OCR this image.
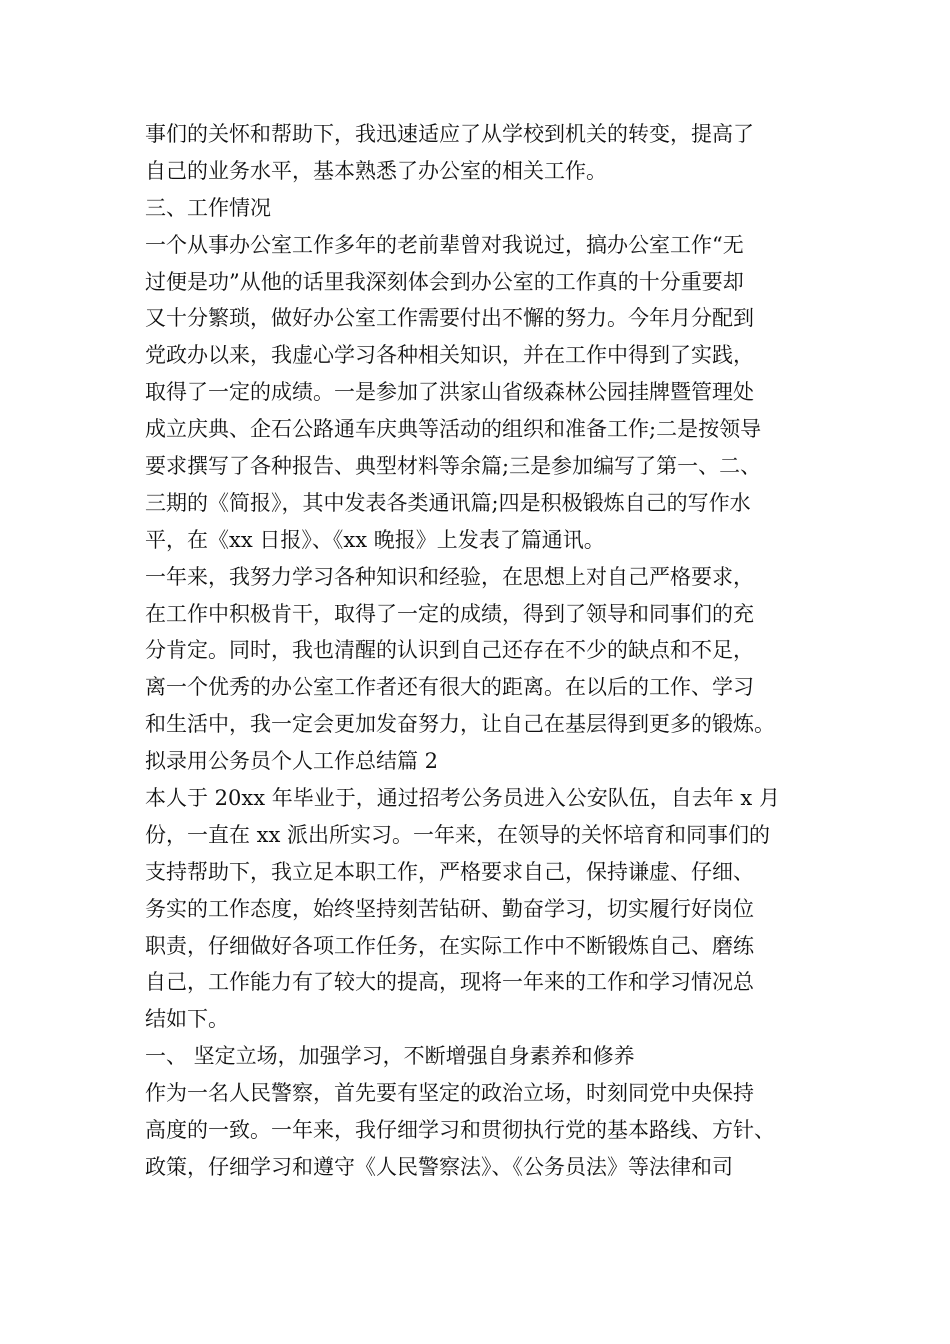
事们的关怀和帮助下，我迅速适应了从学校到机关的转变，提高了
自己的业务水平，基本熟悉了办公室的相关工作。
三、工作情况
一个从事办公室工作多年的老前辈曾对我说过，搞办公室工作“无
过便是功”从他的话里我深刻体会到办公室的工作真的十分重要却
又十分繁琐，做好办公室工作需要付出不懈的努力。今年月分配到
党政办以来，我虚心学习各种相关知识，并在工作中得到了实践，
取得了一定的成绩。一是参加了洪家山省级森林公园挂牌暨管理处
成立庆典、企石公路通车庆典等活动的组织和准备工作;二是按领导
要求撰写了各种报告、典型材料等余篇;三是参加编写了第一、二、
三期的《简报》，其中发表各类通讯篇;四是积极锻炼自己的写作水
平，在《xx 日报》、《xx 晚报》上发表了篇通讯。
一年来，我努力学习各种知识和经验，在思想上对自己严格要求，
在工作中积极肯干，取得了一定的成绩，得到了领导和同事们的充
分肯定。同时，我也清醒的认识到自己还存在不少的缺点和不足，
离一个优秀的办公室工作者还有很大的距离。在以后的工作、学习
和生活中，我一定会更加发奋努力，让自己在基层得到更多的锻炼。
拟录用公务员个人工作总结篇 2
本人于 20xx 年毕业于，通过招考公务员进入公安队伍，自去年 x 月
份，一直在 xx 派出所实习。一年来，在领导的关怀培育和同事们的
支持帮助下，我立足本职工作，严格要求自己，保持谦虚、仔细、
务实的工作态度，始终坚持刻苦钻研、勤奋学习，切实履行好岗位
职责，仔细做好各项工作任务，在实际工作中不断锻炼自己、磨练
自己，工作能力有了较大的提高，现将一年来的工作和学习情况总
结如下。
一、 坚定立场，加强学习，不断增强自身素养和修养
作为一名人民警察，首先要有坚定的政治立场，时刻同党中央保持
高度的一致。一年来，我仔细学习和贯彻执行党的基本路线、方针、
政策，仔细学习和遵守《人民警察法》、《公务员法》等法律和司
